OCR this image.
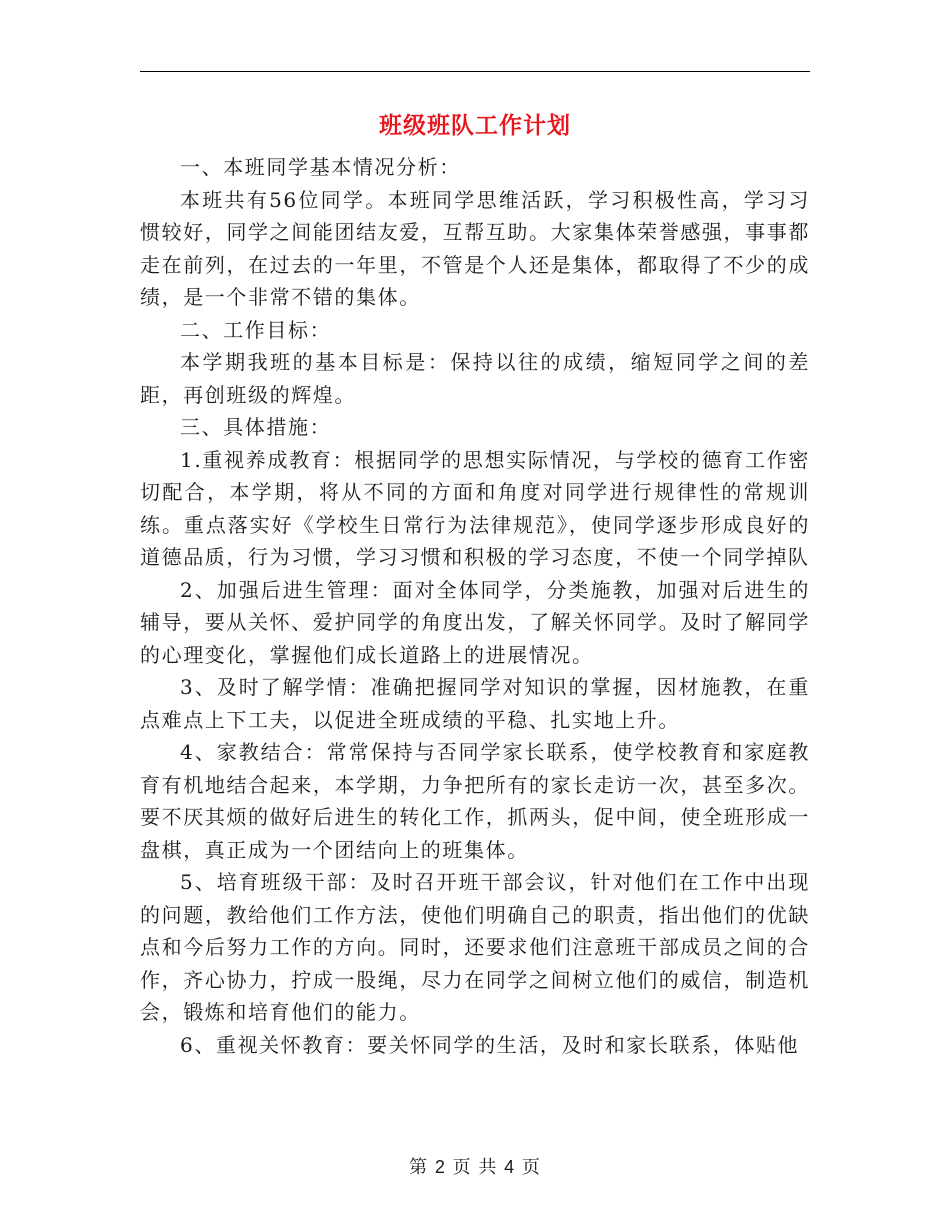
班级班队工作计划

一、本班同学基本情况分析：

本班共有56位同学。本班同学思维活跃，学习积极性高，学习习惯较好，同学之间能团结友爱，互帮互助。大家集体荣誉感强，事事都走在前列，在过去的一年里，不管是个人还是集体，都取得了不少的成绩，是一个非常不错的集体。

二、工作目标：

本学期我班的基本目标是：保持以往的成绩，缩短同学之间的差距，再创班级的辉煌。

三、具体措施：

1.重视养成教育：根据同学的思想实际情况，与学校的德育工作密切配合，本学期，将从不同的方面和角度对同学进行规律性的常规训练。重点落实好《学校生日常行为法律规范》，使同学逐步形成良好的道德品质，行为习惯，学习习惯和积极的学习态度，不使一个同学掉队

2、加强后进生管理：面对全体同学，分类施教，加强对后进生的辅导，要从关怀、爱护同学的角度出发，了解关怀同学。及时了解同学的心理变化，掌握他们成长道路上的进展情况。

3、及时了解学情：准确把握同学对知识的掌握，因材施教，在重点难点上下工夫，以促进全班成绩的平稳、扎实地上升。

4、家教结合：常常保持与否同学家长联系，使学校教育和家庭教育有机地结合起来，本学期，力争把所有的家长走访一次，甚至多次。要不厌其烦的做好后进生的转化工作，抓两头，促中间，使全班形成一盘棋，真正成为一个团结向上的班集体。

5、培育班级干部：及时召开班干部会议，针对他们在工作中出现的问题，教给他们工作方法，使他们明确自己的职责，指出他们的优缺点和今后努力工作的方向。同时，还要求他们注意班干部成员之间的合作，齐心协力，拧成一股绳，尽力在同学之间树立他们的威信，制造机会，锻炼和培育他们的能力。

6、重视关怀教育：要关怀同学的生活，及时和家长联系，体贴他

第 2 页 共 4 页
